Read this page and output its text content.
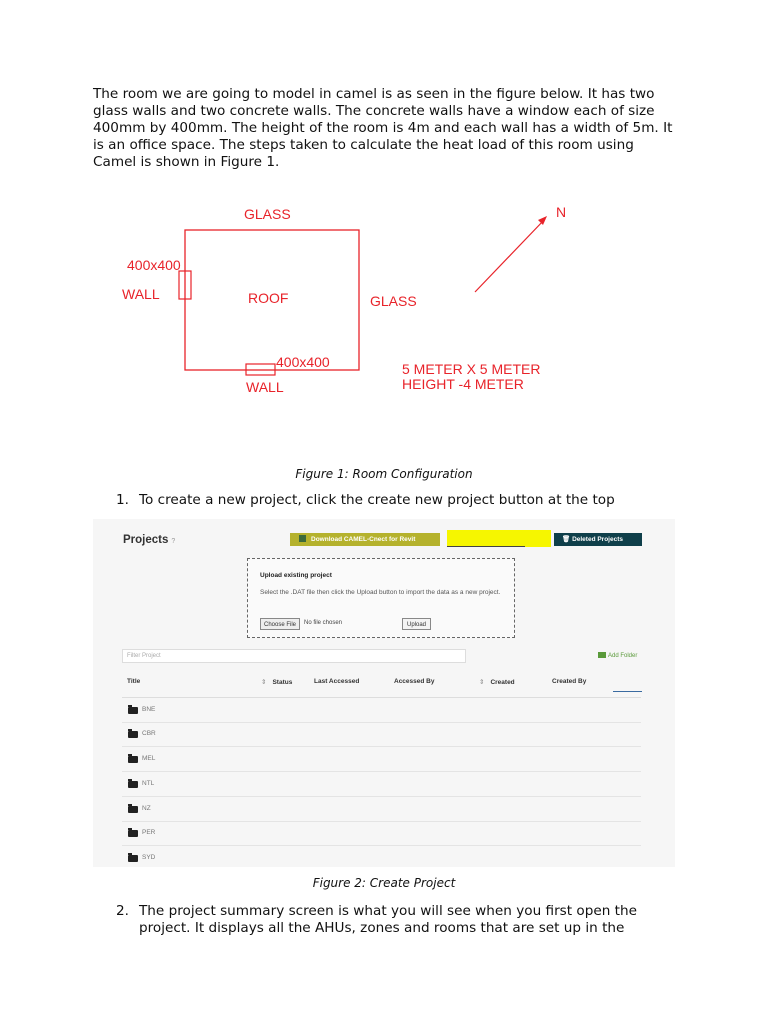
The room we are going to model in camel is as seen in the figure below. It has two glass walls and two concrete walls. The concrete walls have a window each of size 400mm by 400mm. The height of the room is 4m and each wall has a width of 5m. It is an office space. The steps taken to calculate the heat load of this room using Camel is shown in Figure 1.

GLASS
400x400
WALL	ROOF	GLASS
400x400
WALL
N
5 METER X 5 METER
HEIGHT -4 METER

Figure 1: Room Configuration

1. To create a new project, click the create new project button at the top
Projects ?	Download CAMEL-Cnect for Revit	🗑 Deleted Projects
Upload existing project
Select the .DAT file then click the Upload button to import the data as a new project.
Choose File	No file chosen	Upload
Filter Project	Add Folder
Title	⇕ Status	Last Accessed	Accessed By	⇕ Created	Created By
BNE
CBR
MEL
NTL
NZ
PER
SYD

Figure 2: Create Project

2. The project summary screen is what you will see when you first open the project. It displays all the AHUs, zones and rooms that are set up in the
